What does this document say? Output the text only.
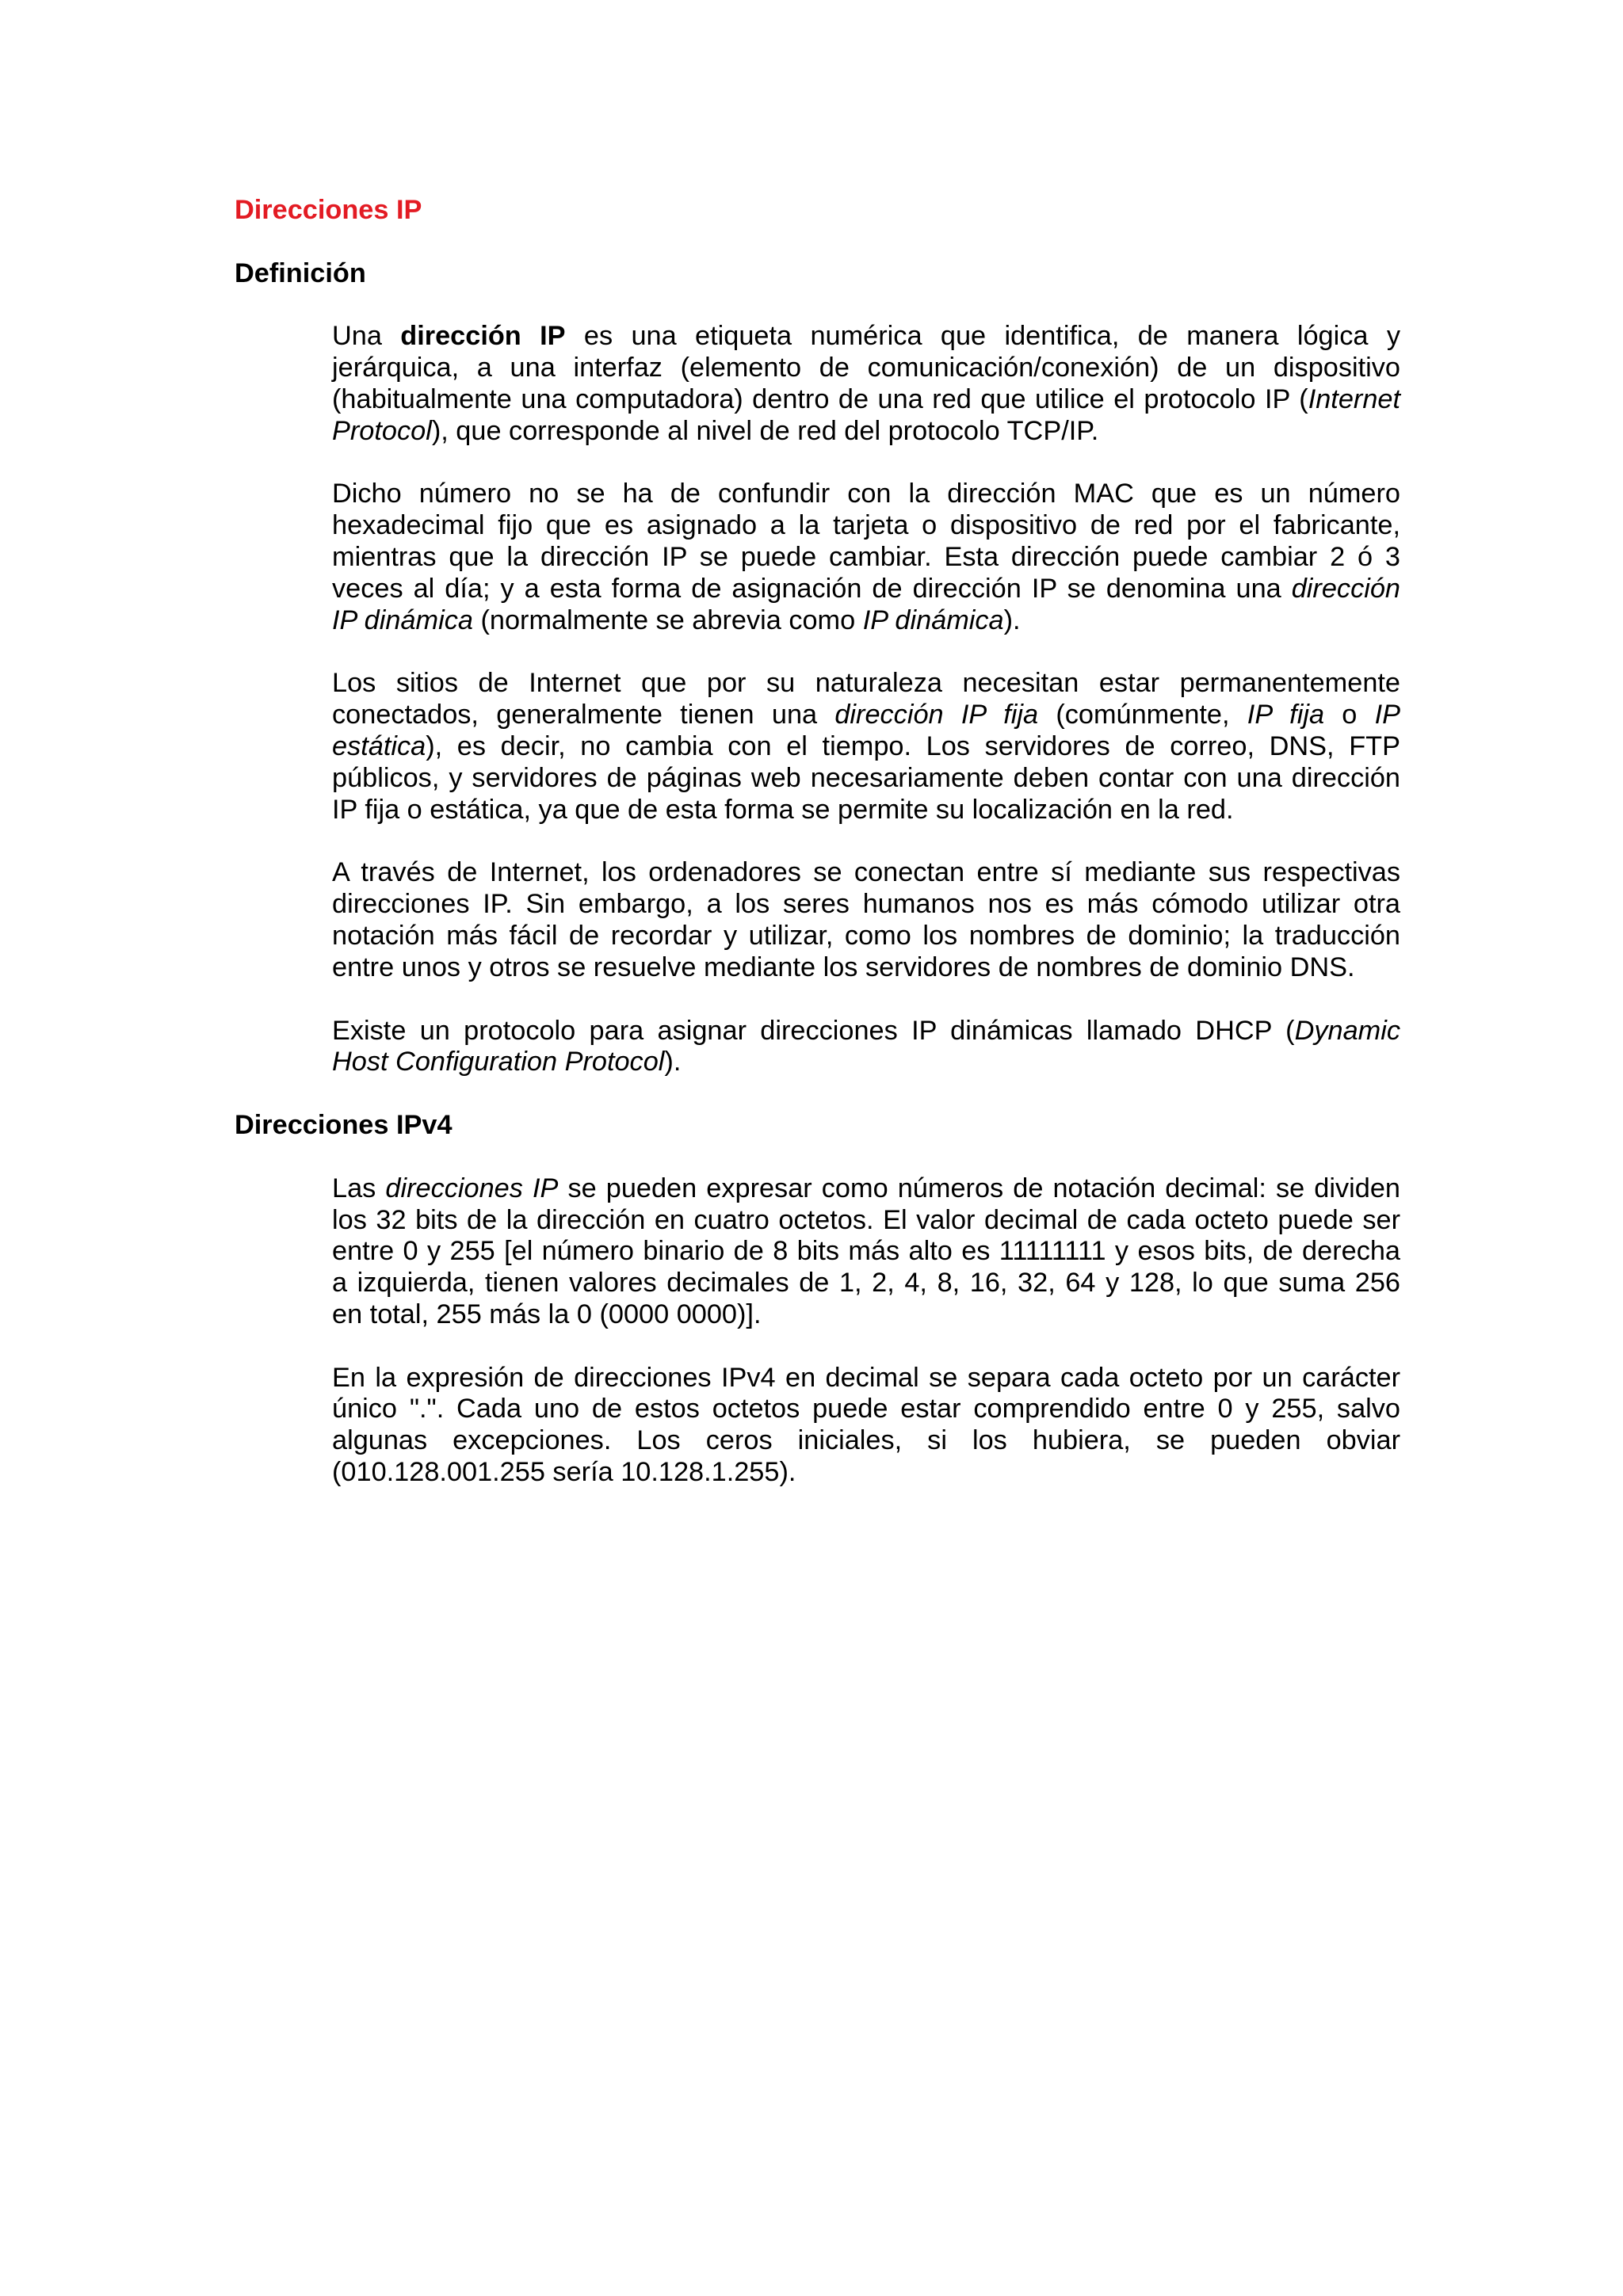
Direcciones IP
Definición
Una dirección IP es una etiqueta numérica que identifica, de manera lógica y
jerárquica, a una interfaz (elemento de comunicación/conexión) de un dispositivo
(habitualmente una computadora) dentro de una red que utilice el protocolo IP (Internet
Protocol), que corresponde al nivel de red del protocolo TCP/IP.
Dicho número no se ha de confundir con la dirección MAC que es un número
hexadecimal fijo que es asignado a la tarjeta o dispositivo de red por el fabricante,
mientras que la dirección IP se puede cambiar. Esta dirección puede cambiar 2 ó 3
veces al día; y a esta forma de asignación de dirección IP se denomina una dirección
IP dinámica (normalmente se abrevia como IP dinámica).
Los sitios de Internet que por su naturaleza necesitan estar permanentemente
conectados, generalmente tienen una dirección IP fija (comúnmente, IP fija o IP
estática), es decir, no cambia con el tiempo. Los servidores de correo, DNS, FTP
públicos, y servidores de páginas web necesariamente deben contar con una dirección
IP fija o estática, ya que de esta forma se permite su localización en la red.
A través de Internet, los ordenadores se conectan entre sí mediante sus respectivas
direcciones IP. Sin embargo, a los seres humanos nos es más cómodo utilizar otra
notación más fácil de recordar y utilizar, como los nombres de dominio; la traducción
entre unos y otros se resuelve mediante los servidores de nombres de dominio DNS.
Existe un protocolo para asignar direcciones IP dinámicas llamado DHCP (Dynamic
Host Configuration Protocol).
Direcciones IPv4
Las direcciones IP se pueden expresar como números de notación decimal: se dividen
los 32 bits de la dirección en cuatro octetos. El valor decimal de cada octeto puede ser
entre 0 y 255 [el número binario de 8 bits más alto es 11111111 y esos bits, de derecha
a izquierda, tienen valores decimales de 1, 2, 4, 8, 16, 32, 64 y 128, lo que suma 256
en total, 255 más la 0 (0000 0000)].
En la expresión de direcciones IPv4 en decimal se separa cada octeto por un carácter
único ".". Cada uno de estos octetos puede estar comprendido entre 0 y 255, salvo
algunas excepciones. Los ceros iniciales, si los hubiera, se pueden obviar
(010.128.001.255 sería 10.128.1.255).
